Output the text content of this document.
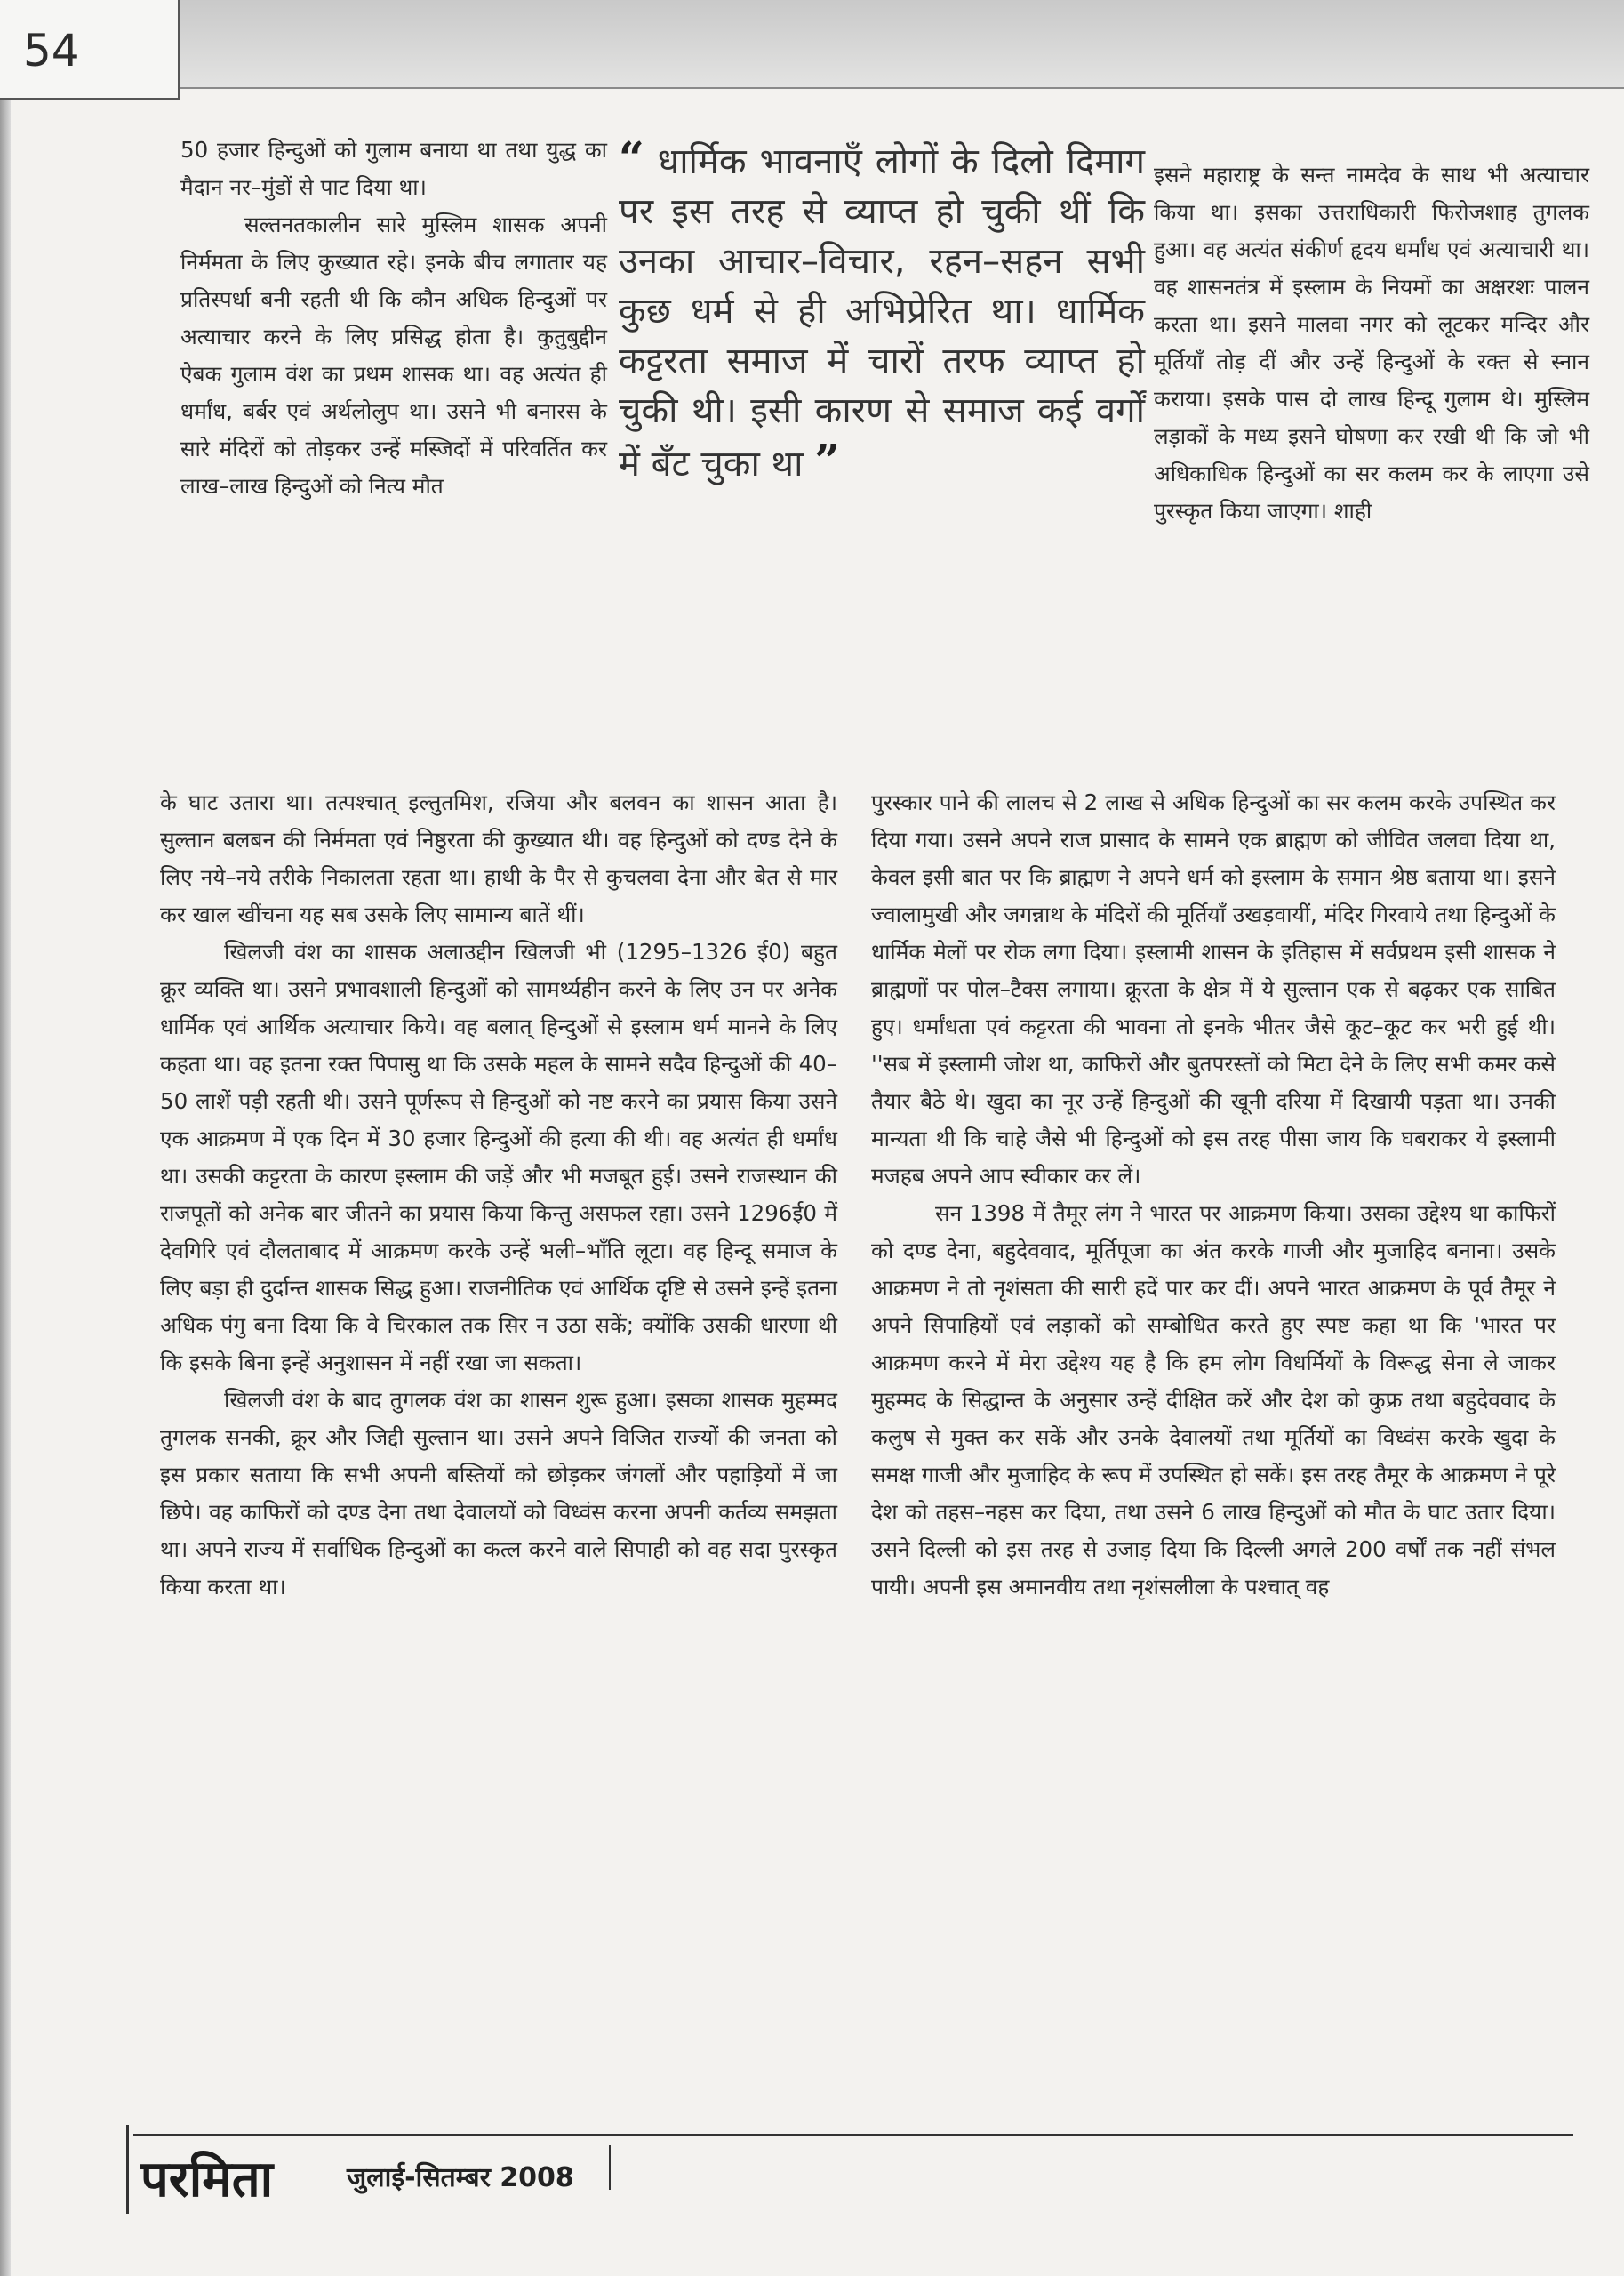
54

50 हजार हिन्दुओं को गुलाम बनाया था तथा युद्ध का मैदान नर–मुंडों से पाट दिया था।

सल्तनतकालीन सारे मुस्लिम शासक अपनी निर्ममता के लिए कुख्यात रहे। इनके बीच लगातार यह प्रतिस्पर्धा बनी रहती थी कि कौन अधिक हिन्दुओं पर अत्याचार करने के लिए प्रसिद्ध होता है। कुतुबुद्दीन ऐबक गुलाम वंश का प्रथम शासक था। वह अत्यंत ही धर्मांध, बर्बर एवं अर्थलोलुप था। उसने भी बनारस के सारे मंदिरों को तोड़कर उन्हें मस्जिदों में परिवर्तित कर लाख–लाख हिन्दुओं को नित्य मौत

“ धार्मिक भावनाएँ लोगों के दिलो दिमाग पर इस तरह से व्याप्त हो चुकी थीं कि उनका आचार–विचार, रहन–सहन सभी कुछ धर्म से ही अभिप्रेरित था। धार्मिक कट्टरता समाज में चारों तरफ व्याप्त हो चुकी थी। इसी कारण से समाज कई वर्गों में बँट चुका था ”

इसने महाराष्ट्र के सन्त नामदेव के साथ भी अत्याचार किया था। इसका उत्तराधिकारी फिरोजशाह तुगलक हुआ। वह अत्यंत संकीर्ण हृदय धर्मांध एवं अत्याचारी था। वह शासनतंत्र में इस्लाम के नियमों का अक्षरशः पालन करता था। इसने मालवा नगर को लूटकर मन्दिर और मूर्तियाँ तोड़ दीं और उन्हें हिन्दुओं के रक्त से स्नान कराया। इसके पास दो लाख हिन्दू गुलाम थे। मुस्लिम लड़ाकों के मध्य इसने घोषणा कर रखी थी कि जो भी अधिकाधिक हिन्दुओं का सर कलम कर के लाएगा उसे पुरस्कृत किया जाएगा। शाही

के घाट उतारा था। तत्पश्चात् इल्तुतमिश, रजिया और बलवन का शासन आता है। सुल्तान बलबन की निर्ममता एवं निष्ठुरता की कुख्यात थी। वह हिन्दुओं को दण्ड देने के लिए नये–नये तरीके निकालता रहता था। हाथी के पैर से कुचलवा देना और बेत से मार कर खाल खींचना यह सब उसके लिए सामान्य बातें थीं।

खिलजी वंश का शासक अलाउद्दीन खिलजी भी (1295–1326 ई0) बहुत क्रूर व्यक्ति था। उसने प्रभावशाली हिन्दुओं को सामर्थ्यहीन करने के लिए उन पर अनेक धार्मिक एवं आर्थिक अत्याचार किये। वह बलात् हिन्दुओं से इस्लाम धर्म मानने के लिए कहता था। वह इतना रक्त पिपासु था कि उसके महल के सामने सदैव हिन्दुओं की 40–50 लाशें पड़ी रहती थी। उसने पूर्णरूप से हिन्दुओं को नष्ट करने का प्रयास किया उसने एक आक्रमण में एक दिन में 30 हजार हिन्दुओं की हत्या की थी। वह अत्यंत ही धर्मांध था। उसकी कट्टरता के कारण इस्लाम की जड़ें और भी मजबूत हुई। उसने राजस्थान की राजपूतों को अनेक बार जीतने का प्रयास किया किन्तु असफल रहा। उसने 1296ई0 में देवगिरि एवं दौलताबाद में आक्रमण करके उन्हें भली–भाँति लूटा। वह हिन्दू समाज के लिए बड़ा ही दुर्दान्त शासक सिद्ध हुआ। राजनीतिक एवं आर्थिक दृष्टि से उसने इन्हें इतना अधिक पंगु बना दिया कि वे चिरकाल तक सिर न उठा सकें; क्योंकि उसकी धारणा थी कि इसके बिना इन्हें अनुशासन में नहीं रखा जा सकता।

खिलजी वंश के बाद तुगलक वंश का शासन शुरू हुआ। इसका शासक मुहम्मद तुगलक सनकी, क्रूर और जिद्दी सुल्तान था। उसने अपने विजित राज्यों की जनता को इस प्रकार सताया कि सभी अपनी बस्तियों को छोड़कर जंगलों और पहाड़ियों में जा छिपे। वह काफिरों को दण्ड देना तथा देवालयों को विध्वंस करना अपनी कर्तव्य समझता था। अपने राज्य में सर्वाधिक हिन्दुओं का कत्ल करने वाले सिपाही को वह सदा पुरस्कृत किया करता था।

पुरस्कार पाने की लालच से 2 लाख से अधिक हिन्दुओं का सर कलम करके उपस्थित कर दिया गया। उसने अपने राज प्रासाद के सामने एक ब्राह्मण को जीवित जलवा दिया था, केवल इसी बात पर कि ब्राह्मण ने अपने धर्म को इस्लाम के समान श्रेष्ठ बताया था। इसने ज्वालामुखी और जगन्नाथ के मंदिरों की मूर्तियाँ उखड़वायीं, मंदिर गिरवाये तथा हिन्दुओं के धार्मिक मेलों पर रोक लगा दिया। इस्लामी शासन के इतिहास में सर्वप्रथम इसी शासक ने ब्राह्मणों पर पोल–टैक्स लगाया। क्रूरता के क्षेत्र में ये सुल्तान एक से बढ़कर एक साबित हुए। धर्मांधता एवं कट्टरता की भावना तो इनके भीतर जैसे कूट–कूट कर भरी हुई थी। ''सब में इस्लामी जोश था, काफिरों और बुतपरस्तों को मिटा देने के लिए सभी कमर कसे तैयार बैठे थे। खुदा का नूर उन्हें हिन्दुओं की खूनी दरिया में दिखायी पड़ता था। उनकी मान्यता थी कि चाहे जैसे भी हिन्दुओं को इस तरह पीसा जाय कि घबराकर ये इस्लामी मजहब अपने आप स्वीकार कर लें।

सन 1398 में तैमूर लंग ने भारत पर आक्रमण किया। उसका उद्देश्य था काफिरों को दण्ड देना, बहुदेववाद, मूर्तिपूजा का अंत करके गाजी और मुजाहिद बनाना। उसके आक्रमण ने तो नृशंसता की सारी हदें पार कर दीं। अपने भारत आक्रमण के पूर्व तैमूर ने अपने सिपाहियों एवं लड़ाकों को सम्बोधित करते हुए स्पष्ट कहा था कि 'भारत पर आक्रमण करने में मेरा उद्देश्य यह है कि हम लोग विधर्मियों के विरूद्ध सेना ले जाकर मुहम्मद के सिद्धान्त के अनुसार उन्हें दीक्षित करें और देश को कुफ्र तथा बहुदेववाद के कलुष से मुक्त कर सकें और उनके देवालयों तथा मूर्तियों का विध्वंस करके खुदा के समक्ष गाजी और मुजाहिद के रूप में उपस्थित हो सकें। इस तरह तैमूर के आक्रमण ने पूरे देश को तहस–नहस कर दिया, तथा उसने 6 लाख हिन्दुओं को मौत के घाट उतार दिया। उसने दिल्ली को इस तरह से उजाड़ दिया कि दिल्ली अगले 200 वर्षों तक नहीं संभल पायी। अपनी इस अमानवीय तथा नृशंसलीला के पश्चात् वह

परमिता	जुलाई-सितम्बर 2008
